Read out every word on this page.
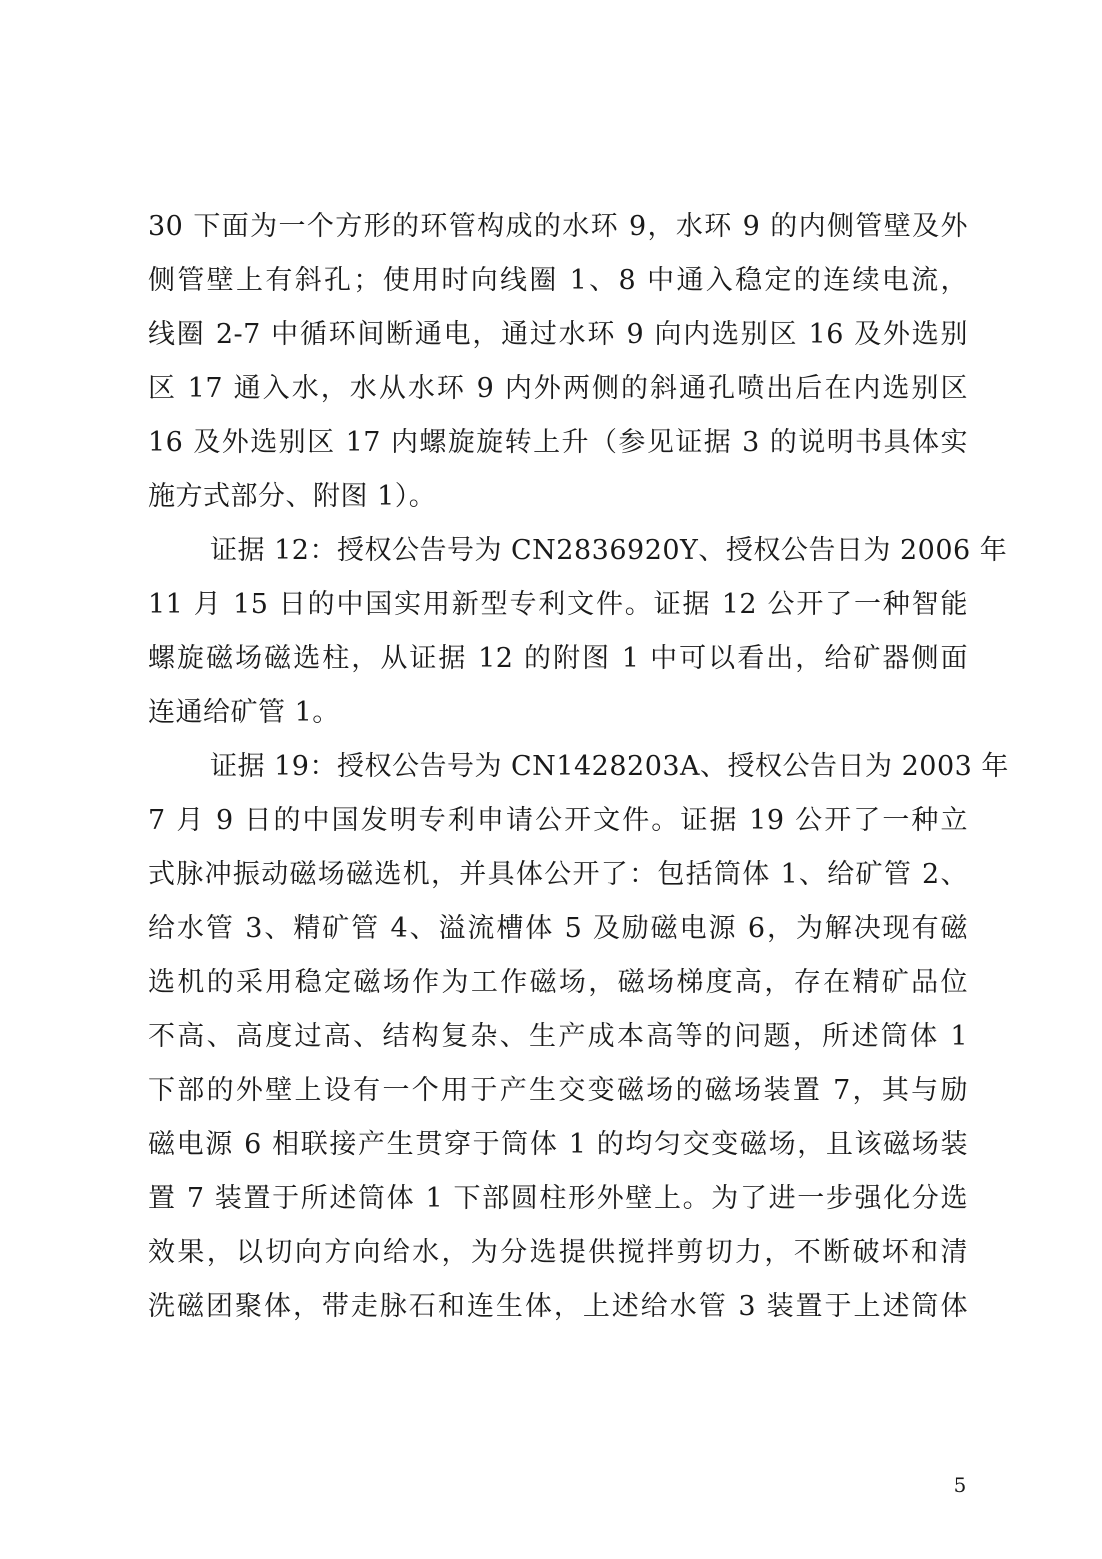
30 下面为一个方形的环管构成的水环 9，水环 9 的内侧管壁及外
侧管壁上有斜孔；使用时向线圈 1、8 中通入稳定的连续电流，
线圈 2-7 中循环间断通电，通过水环 9 向内选别区 16 及外选别
区 17 通入水，水从水环 9 内外两侧的斜通孔喷出后在内选别区
16 及外选别区 17 内螺旋旋转上升（参见证据 3 的说明书具体实
施方式部分、附图 1）。
证据 12：授权公告号为 CN2836920Y、授权公告日为 2006 年
11 月 15 日的中国实用新型专利文件。证据 12 公开了一种智能
螺旋磁场磁选柱，从证据 12 的附图 1 中可以看出，给矿器侧面
连通给矿管 1。
证据 19：授权公告号为 CN1428203A、授权公告日为 2003 年
7 月 9 日的中国发明专利申请公开文件。证据 19 公开了一种立
式脉冲振动磁场磁选机，并具体公开了：包括筒体 1、给矿管 2、
给水管 3、精矿管 4、溢流槽体 5 及励磁电源 6，为解决现有磁
选机的采用稳定磁场作为工作磁场，磁场梯度高，存在精矿品位
不高、高度过高、结构复杂、生产成本高等的问题，所述筒体 1
下部的外壁上设有一个用于产生交变磁场的磁场装置 7，其与励
磁电源 6 相联接产生贯穿于筒体 1 的均匀交变磁场，且该磁场装
置 7 装置于所述筒体 1 下部圆柱形外壁上。为了进一步强化分选
效果，以切向方向给水，为分选提供搅拌剪切力，不断破坏和清
洗磁团聚体，带走脉石和连生体，上述给水管 3 装置于上述筒体
5
